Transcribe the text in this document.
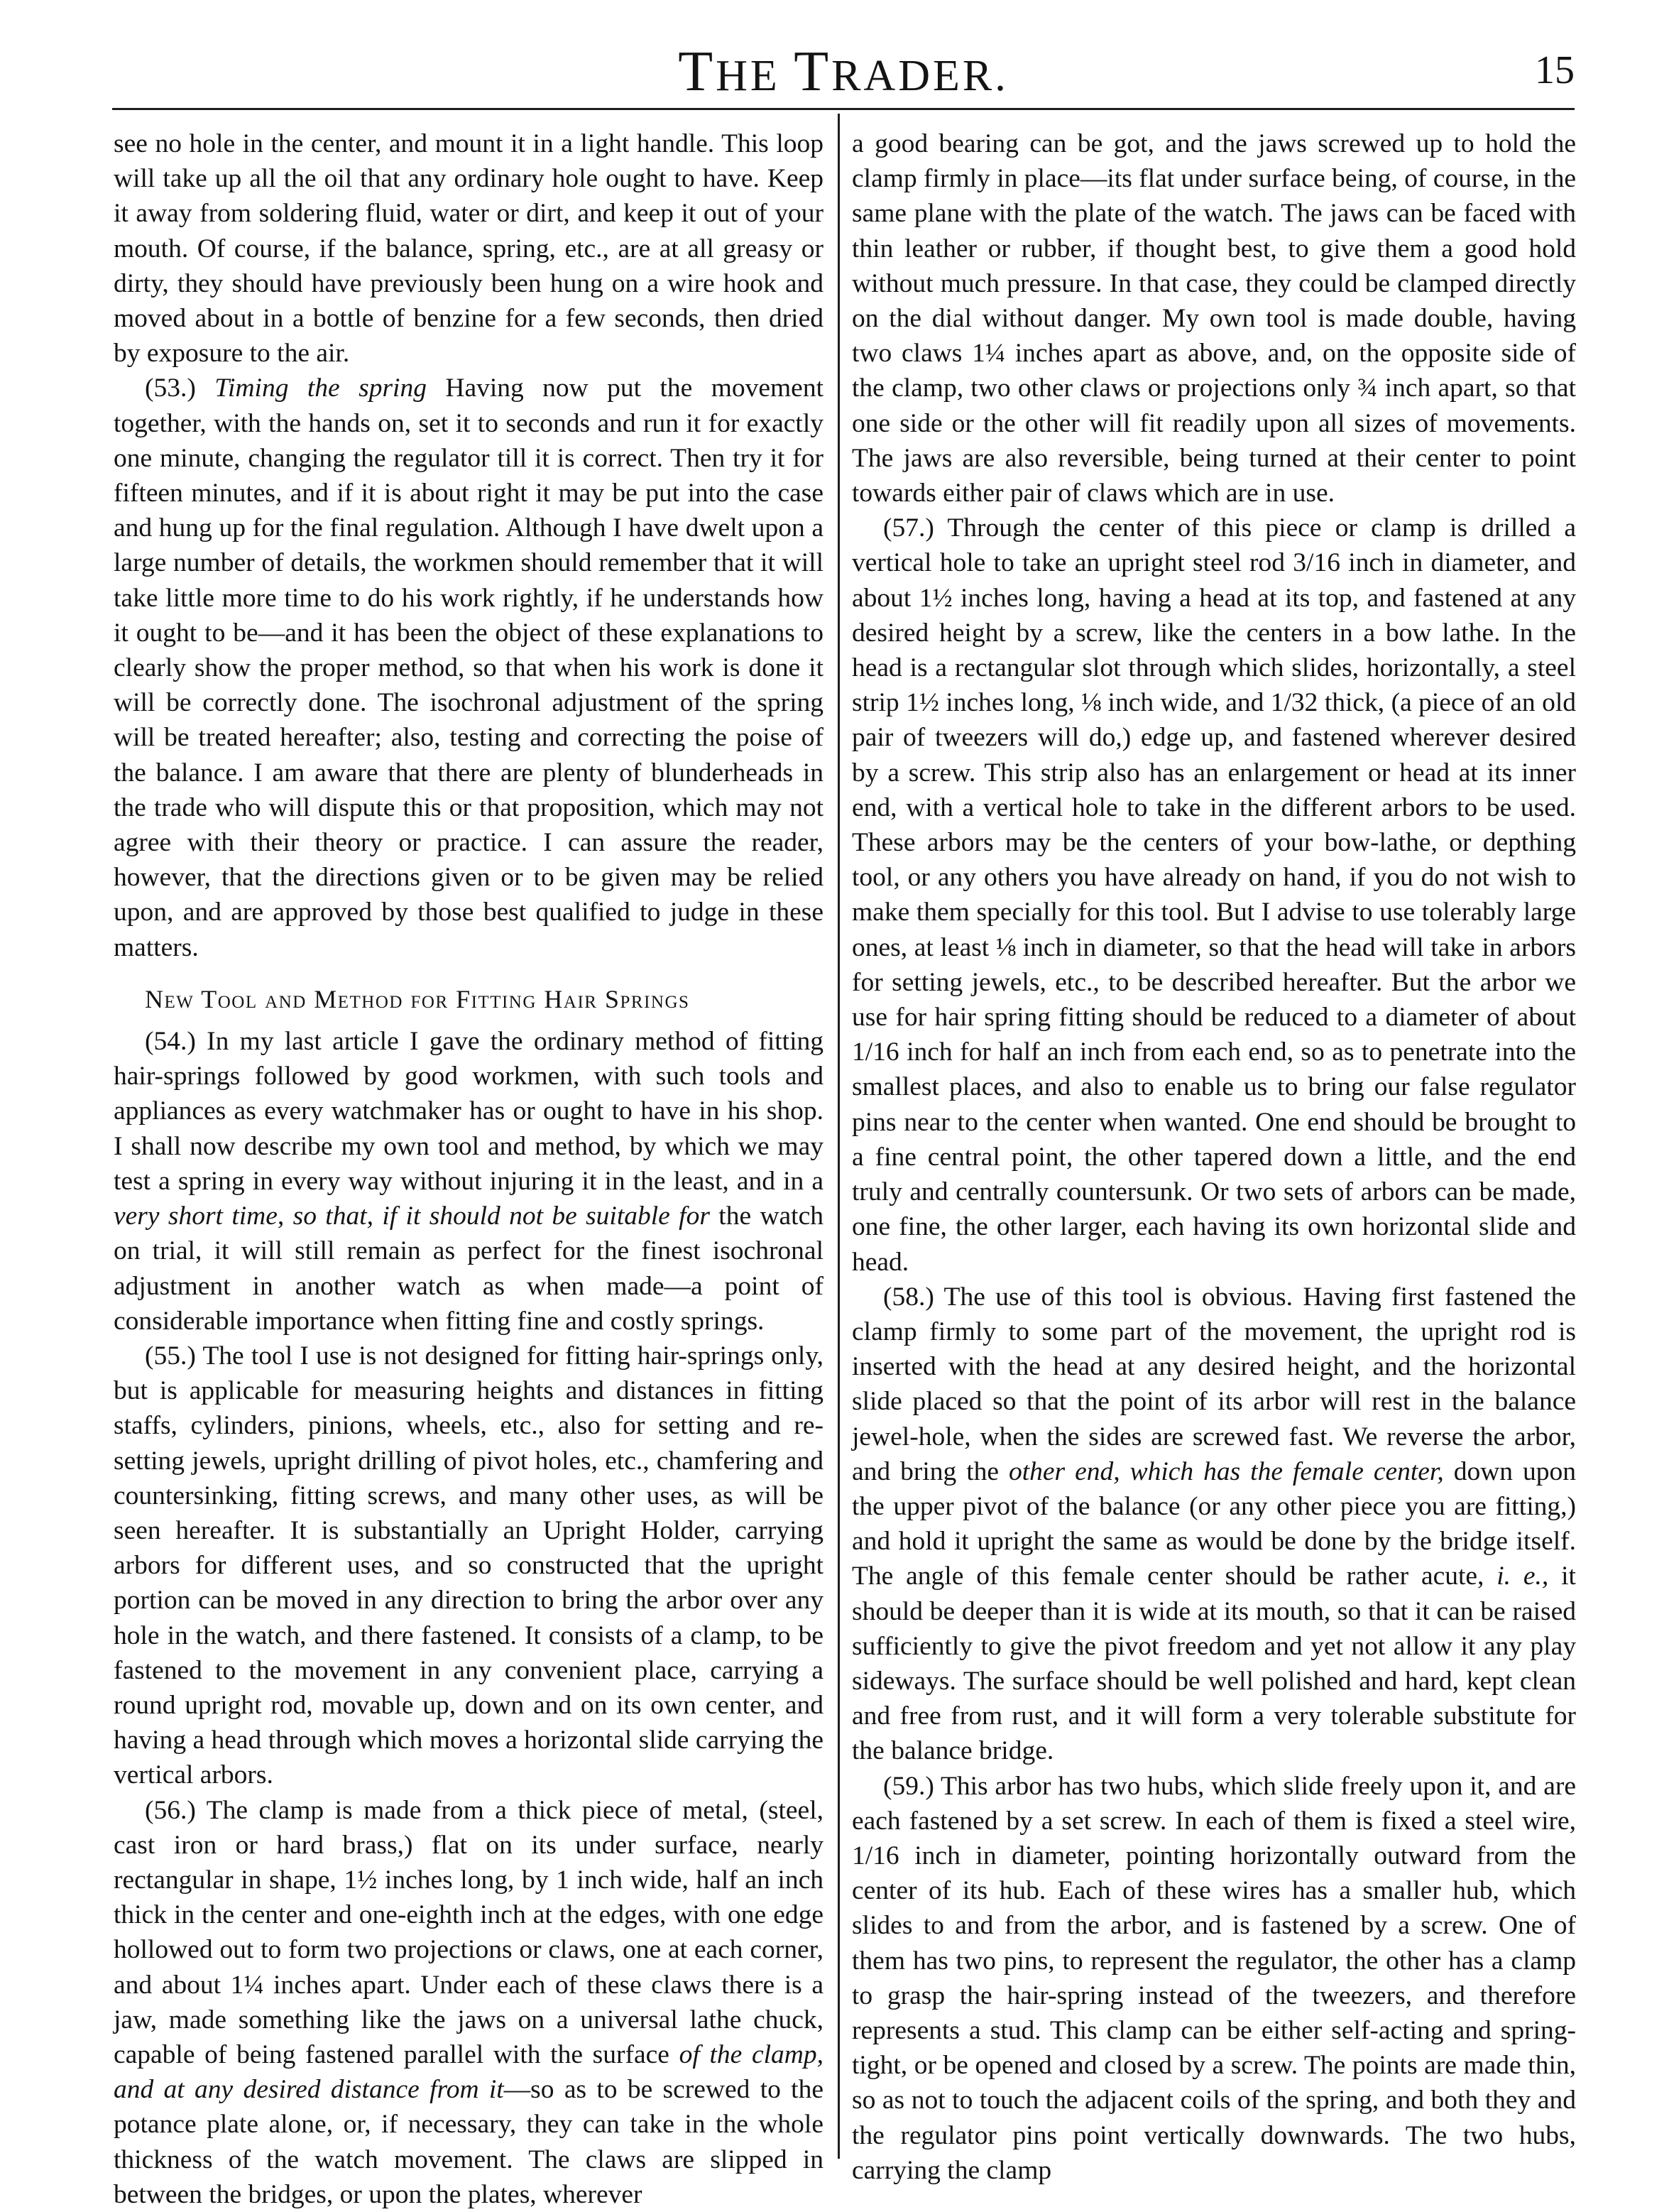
THE TRADER.	15

see no hole in the center, and mount it in a light handle. This loop will take up all the oil that any ordinary hole ought to have. Keep it away from soldering fluid, water or dirt, and keep it out of your mouth. Of course, if the balance, spring, etc., are at all greasy or dirty, they should have previously been hung on a wire hook and moved about in a bottle of benzine for a few seconds, then dried by exposure to the air.

(53.) Timing the spring Having now put the movement together, with the hands on, set it to seconds and run it for exactly one minute, changing the regulator till it is correct. Then try it for fifteen minutes, and if it is about right it may be put into the case and hung up for the final regulation. Although I have dwelt upon a large number of details, the workmen should remember that it will take little more time to do his work rightly, if he understands how it ought to be—and it has been the object of these explanations to clearly show the proper method, so that when his work is done it will be correctly done. The isochronal adjustment of the spring will be treated hereafter; also, testing and correcting the poise of the balance. I am aware that there are plenty of blunderheads in the trade who will dispute this or that proposition, which may not agree with their theory or practice. I can assure the reader, however, that the directions given or to be given may be relied upon, and are approved by those best qualified to judge in these matters.

New Tool and Method for Fitting Hair Springs

(54.) In my last article I gave the ordinary method of fitting hair-springs followed by good workmen, with such tools and appliances as every watchmaker has or ought to have in his shop. I shall now describe my own tool and method, by which we may test a spring in every way without injuring it in the least, and in a very short time, so that, if it should not be suitable for the watch on trial, it will still remain as perfect for the finest isochronal adjustment in another watch as when made—a point of considerable importance when fitting fine and costly springs.

(55.) The tool I use is not designed for fitting hair-springs only, but is applicable for measuring heights and distances in fitting staffs, cylinders, pinions, wheels, etc., also for setting and re-setting jewels, upright drilling of pivot holes, etc., chamfering and countersinking, fitting screws, and many other uses, as will be seen hereafter. It is substantially an Upright Holder, carrying arbors for different uses, and so constructed that the upright portion can be moved in any direction to bring the arbor over any hole in the watch, and there fastened. It consists of a clamp, to be fastened to the movement in any convenient place, carrying a round upright rod, movable up, down and on its own center, and having a head through which moves a horizontal slide carrying the vertical arbors.

(56.) The clamp is made from a thick piece of metal, (steel, cast iron or hard brass,) flat on its under surface, nearly rectangular in shape, 1½ inches long, by 1 inch wide, half an inch thick in the center and one-eighth inch at the edges, with one edge hollowed out to form two projections or claws, one at each corner, and about 1¼ inches apart. Under each of these claws there is a jaw, made something like the jaws on a universal lathe chuck, capable of being fastened parallel with the surface of the clamp, and at any desired distance from it—so as to be screwed to the potance plate alone, or, if necessary, they can take in the whole thickness of the watch movement. The claws are slipped in between the bridges, or upon the plates, wherever

a good bearing can be got, and the jaws screwed up to hold the clamp firmly in place—its flat under surface being, of course, in the same plane with the plate of the watch. The jaws can be faced with thin leather or rubber, if thought best, to give them a good hold without much pressure. In that case, they could be clamped directly on the dial without danger. My own tool is made double, having two claws 1¼ inches apart as above, and, on the opposite side of the clamp, two other claws or projections only ¾ inch apart, so that one side or the other will fit readily upon all sizes of movements. The jaws are also reversible, being turned at their center to point towards either pair of claws which are in use.

(57.) Through the center of this piece or clamp is drilled a vertical hole to take an upright steel rod 3/16 inch in diameter, and about 1½ inches long, having a head at its top, and fastened at any desired height by a screw, like the centers in a bow lathe. In the head is a rectangular slot through which slides, horizontally, a steel strip 1½ inches long, ⅛ inch wide, and 1/32 thick, (a piece of an old pair of tweezers will do,) edge up, and fastened wherever desired by a screw. This strip also has an enlargement or head at its inner end, with a vertical hole to take in the different arbors to be used. These arbors may be the centers of your bow-lathe, or depthing tool, or any others you have already on hand, if you do not wish to make them specially for this tool. But I advise to use tolerably large ones, at least ⅛ inch in diameter, so that the head will take in arbors for setting jewels, etc., to be described hereafter. But the arbor we use for hair spring fitting should be reduced to a diameter of about 1/16 inch for half an inch from each end, so as to penetrate into the smallest places, and also to enable us to bring our false regulator pins near to the center when wanted. One end should be brought to a fine central point, the other tapered down a little, and the end truly and centrally countersunk. Or two sets of arbors can be made, one fine, the other larger, each having its own horizontal slide and head.

(58.) The use of this tool is obvious. Having first fastened the clamp firmly to some part of the movement, the upright rod is inserted with the head at any desired height, and the horizontal slide placed so that the point of its arbor will rest in the balance jewel-hole, when the sides are screwed fast. We reverse the arbor, and bring the other end, which has the female center, down upon the upper pivot of the balance (or any other piece you are fitting,) and hold it upright the same as would be done by the bridge itself. The angle of this female center should be rather acute, i. e., it should be deeper than it is wide at its mouth, so that it can be raised sufficiently to give the pivot freedom and yet not allow it any play sideways. The surface should be well polished and hard, kept clean and free from rust, and it will form a very tolerable substitute for the balance bridge.

(59.) This arbor has two hubs, which slide freely upon it, and are each fastened by a set screw. In each of them is fixed a steel wire, 1/16 inch in diameter, pointing horizontally outward from the center of its hub. Each of these wires has a smaller hub, which slides to and from the arbor, and is fastened by a screw. One of them has two pins, to represent the regulator, the other has a clamp to grasp the hair-spring instead of the tweezers, and therefore represents a stud. This clamp can be either self-acting and spring-tight, or be opened and closed by a screw. The points are made thin, so as not to touch the adjacent coils of the spring, and both they and the regulator pins point vertically downwards. The two hubs, carrying the clamp
